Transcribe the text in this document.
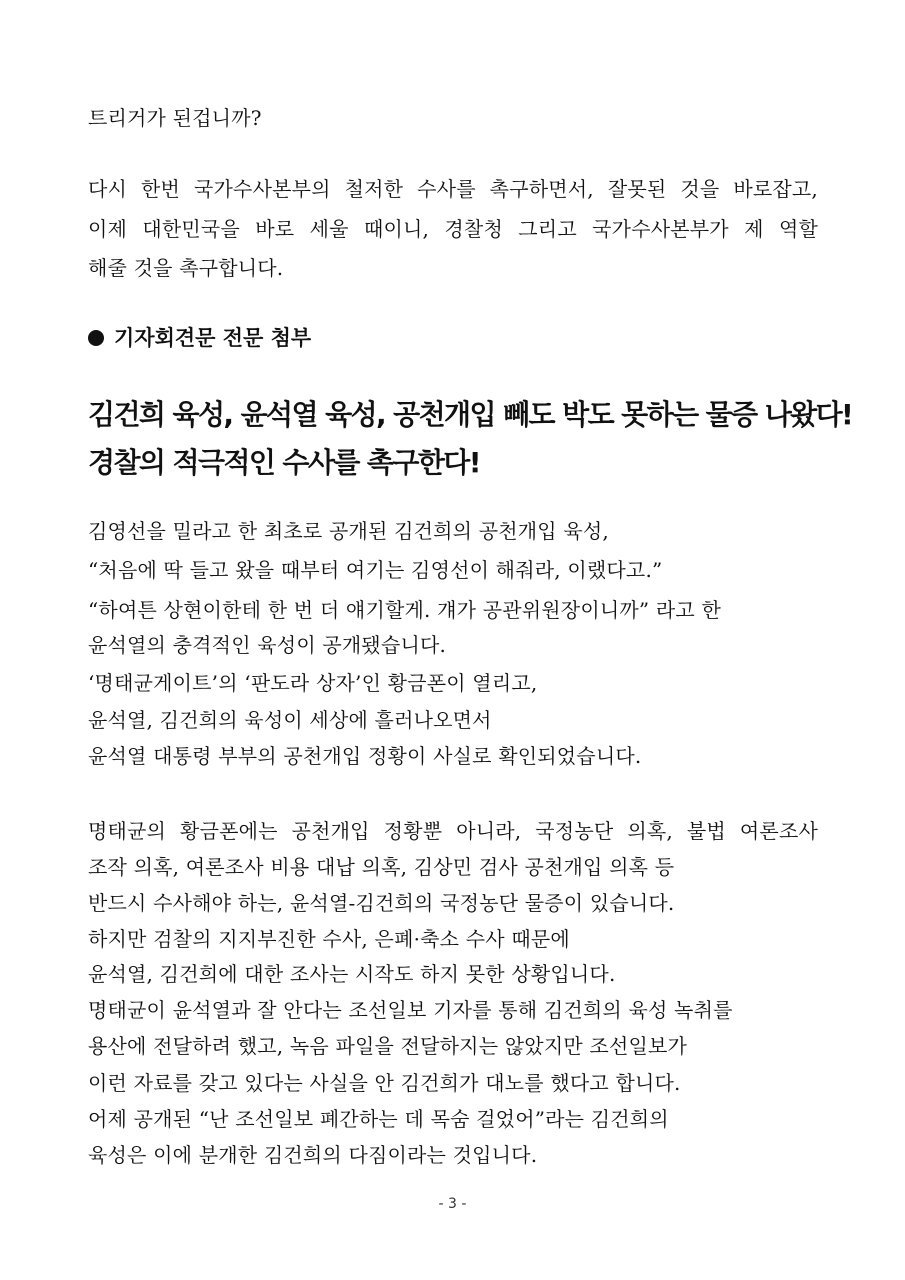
트리거가 된겁니까?
다시 한번 국가수사본부의 철저한 수사를 촉구하면서, 잘못된 것을 바로잡고,
이제 대한민국을 바로 세울 때이니, 경찰청 그리고 국가수사본부가 제 역할
해줄 것을 촉구합니다.
기자회견문 전문 첨부
김건희 육성, 윤석열 육성, 공천개입 빼도 박도 못하는 물증 나왔다!
경찰의 적극적인 수사를 촉구한다!
김영선을 밀라고 한 최초로 공개된 김건희의 공천개입 육성,
“처음에 딱 들고 왔을 때부터 여기는 김영선이 해줘라, 이랬다고.”
“하여튼 상현이한테 한 번 더 얘기할게. 걔가 공관위원장이니까” 라고 한
윤석열의 충격적인 육성이 공개됐습니다.
‘명태균게이트’의 ‘판도라 상자’인 황금폰이 열리고,
윤석열, 김건희의 육성이 세상에 흘러나오면서
윤석열 대통령 부부의 공천개입 정황이 사실로 확인되었습니다.
명태균의 황금폰에는 공천개입 정황뿐 아니라, 국정농단 의혹, 불법 여론조사
조작 의혹, 여론조사 비용 대납 의혹, 김상민 검사 공천개입 의혹 등
반드시 수사해야 하는, 윤석열-김건희의 국정농단 물증이 있습니다.
하지만 검찰의 지지부진한 수사, 은폐·축소 수사 때문에
윤석열, 김건희에 대한 조사는 시작도 하지 못한 상황입니다.
명태균이 윤석열과 잘 안다는 조선일보 기자를 통해 김건희의 육성 녹취를
용산에 전달하려 했고, 녹음 파일을 전달하지는 않았지만 조선일보가
이런 자료를 갖고 있다는 사실을 안 김건희가 대노를 했다고 합니다.
어제 공개된 “난 조선일보 폐간하는 데 목숨 걸었어”라는 김건희의
육성은 이에 분개한 김건희의 다짐이라는 것입니다.
- 3 -
